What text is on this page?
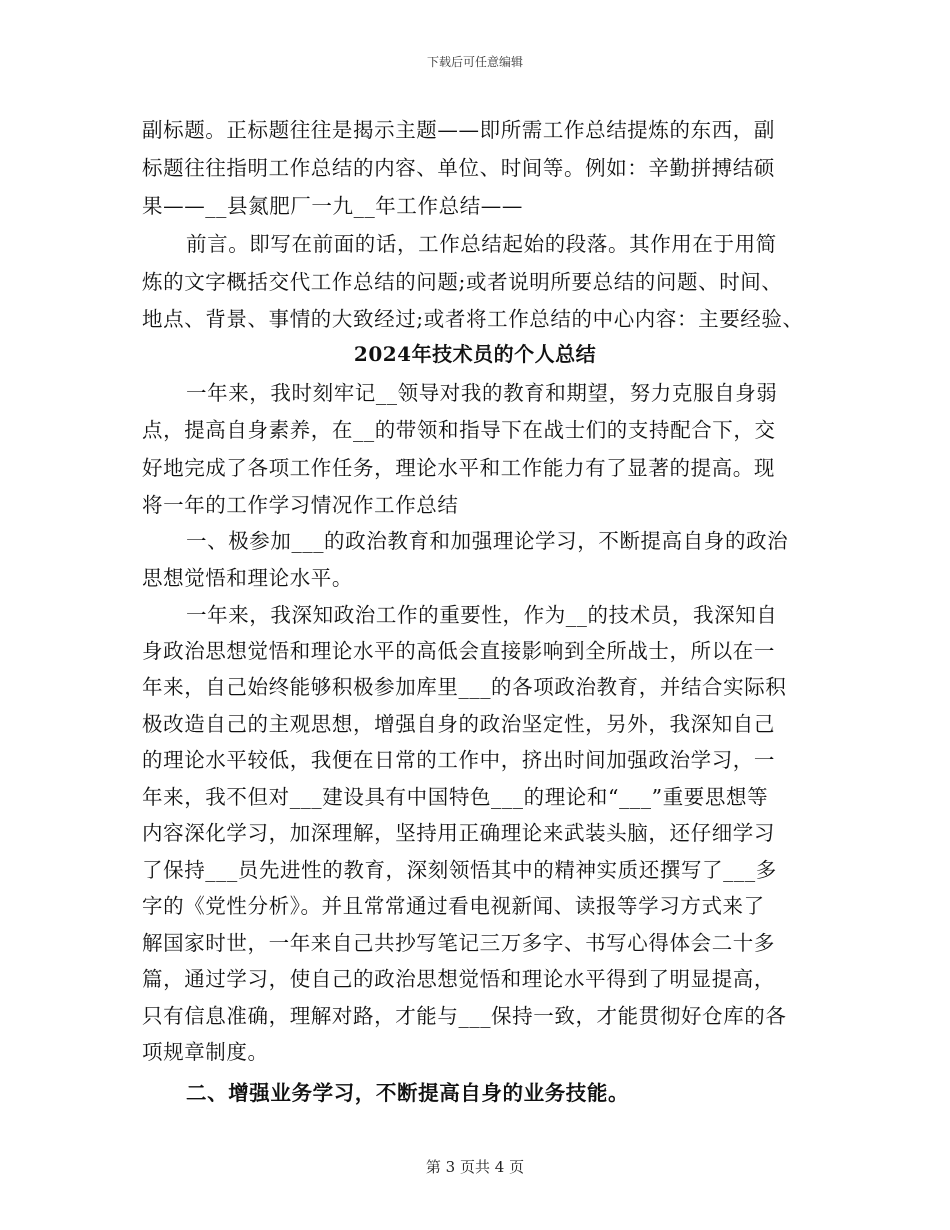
下载后可任意编辑
副标题。正标题往往是揭示主题——即所需工作总结提炼的东西，副
标题往往指明工作总结的内容、单位、时间等。例如：辛勤拼搏结硕
果——__县氮肥厂一九__年工作总结——
前言。即写在前面的话，工作总结起始的段落。其作用在于用简
炼的文字概括交代工作总结的问题;或者说明所要总结的问题、时间、
地点、背景、事情的大致经过;或者将工作总结的中心内容：主要经验、
2024年技术员的个人总结
一年来，我时刻牢记__领导对我的教育和期望，努力克服自身弱
点，提高自身素养，在__的带领和指导下在战士们的支持配合下，交
好地完成了各项工作任务，理论水平和工作能力有了显著的提高。现
将一年的工作学习情况作工作总结
一、极参加___的政治教育和加强理论学习，不断提高自身的政治
思想觉悟和理论水平。
一年来，我深知政治工作的重要性，作为__的技术员，我深知自
身政治思想觉悟和理论水平的高低会直接影响到全所战士，所以在一
年来，自己始终能够积极参加库里___的各项政治教育，并结合实际积
极改造自己的主观思想，增强自身的政治坚定性，另外，我深知自己
的理论水平较低，我便在日常的工作中，挤出时间加强政治学习，一
年来，我不但对___建设具有中国特色___的理论和“___”重要思想等
内容深化学习，加深理解，坚持用正确理论来武装头脑，还仔细学习
了保持___员先进性的教育，深刻领悟其中的精神实质还撰写了___多
字的《党性分析》。并且常常通过看电视新闻、读报等学习方式来了
解国家时世，一年来自己共抄写笔记三万多字、书写心得体会二十多
篇，通过学习，使自己的政治思想觉悟和理论水平得到了明显提高，
只有信息准确，理解对路，才能与___保持一致，才能贯彻好仓库的各
项规章制度。
二、增强业务学习，不断提高自身的业务技能。
第 3 页共 4 页
